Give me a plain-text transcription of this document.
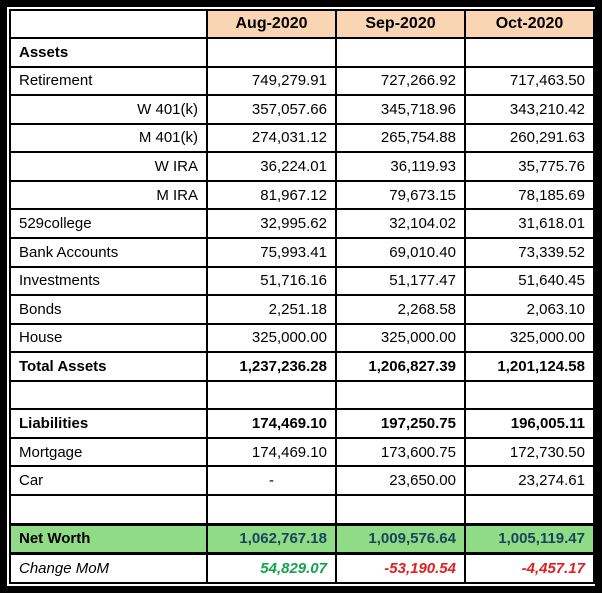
	Aug-2020	Sep-2020	Oct-2020
Assets			
Retirement	749,279.91	727,266.92	717,463.50
W 401(k)	357,057.66	345,718.96	343,210.42
M 401(k)	274,031.12	265,754.88	260,291.63
W IRA	36,224.01	36,119.93	35,775.76
M IRA	81,967.12	79,673.15	78,185.69
529college	32,995.62	32,104.02	31,618.01
Bank Accounts	75,993.41	69,010.40	73,339.52
Investments	51,716.16	51,177.47	51,640.45
Bonds	2,251.18	2,268.58	2,063.10
House	325,000.00	325,000.00	325,000.00
Total Assets	1,237,236.28	1,206,827.39	1,201,124.58

Liabilities	174,469.10	197,250.75	196,005.11
Mortgage	174,469.10	173,600.75	172,730.50
Car	-	23,650.00	23,274.61

Net Worth	1,062,767.18	1,009,576.64	1,005,119.47
Change MoM	54,829.07	-53,190.54	-4,457.17
